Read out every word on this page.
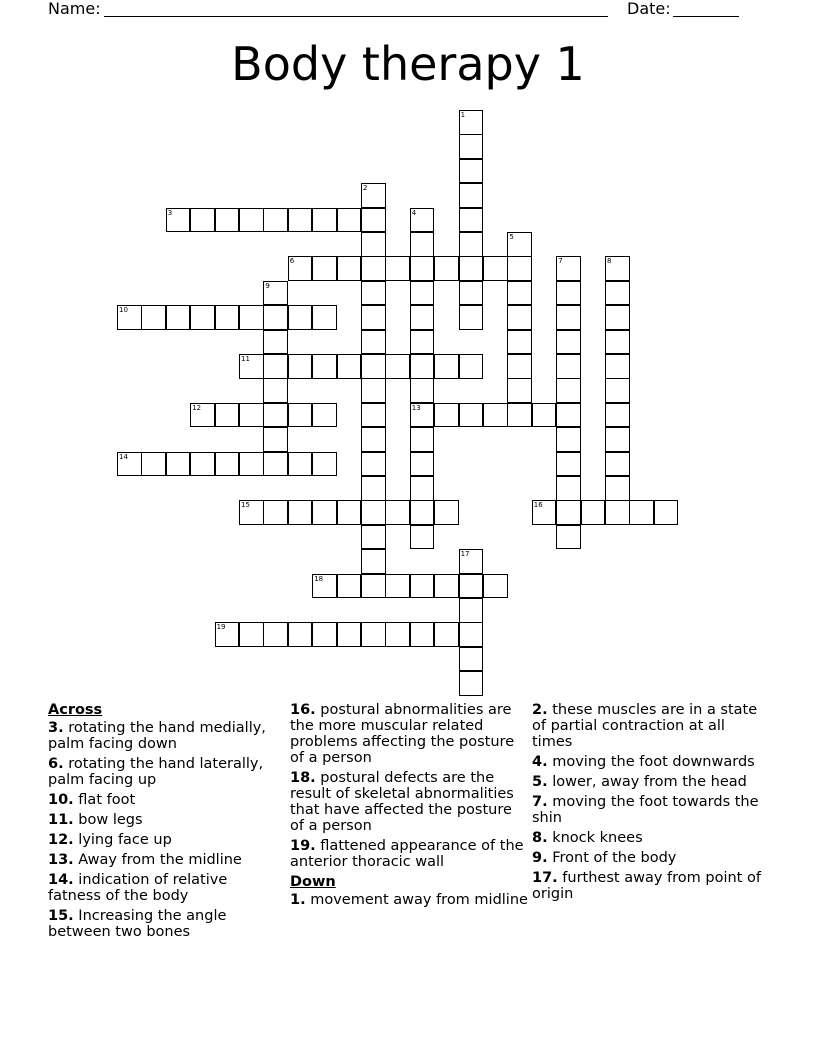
Name:	Date:
Body therapy 1
1
2
3	4
13
5
6	7	8
9
10
11
12
14
15	16
17
18
19
Across
3. rotating the hand medially, palm facing down
6. rotating the hand laterally, palm facing up
10. flat foot
11. bow legs
12. lying face up
13. Away from the midline
14. indication of relative fatness of the body
15. Increasing the angle between two bones
16. postural abnormalities are the more muscular related problems affecting the posture of a person
18. postural defects are the result of skeletal abnormalities that have affected the posture of a person
19. flattened appearance of the anterior thoracic wall
Down
1. movement away from midline
2. these muscles are in a state of partial contraction at all times
4. moving the foot downwards
5. lower, away from the head
7. moving the foot towards the shin
8. knock knees
9. Front of the body
17. furthest away from point of origin
